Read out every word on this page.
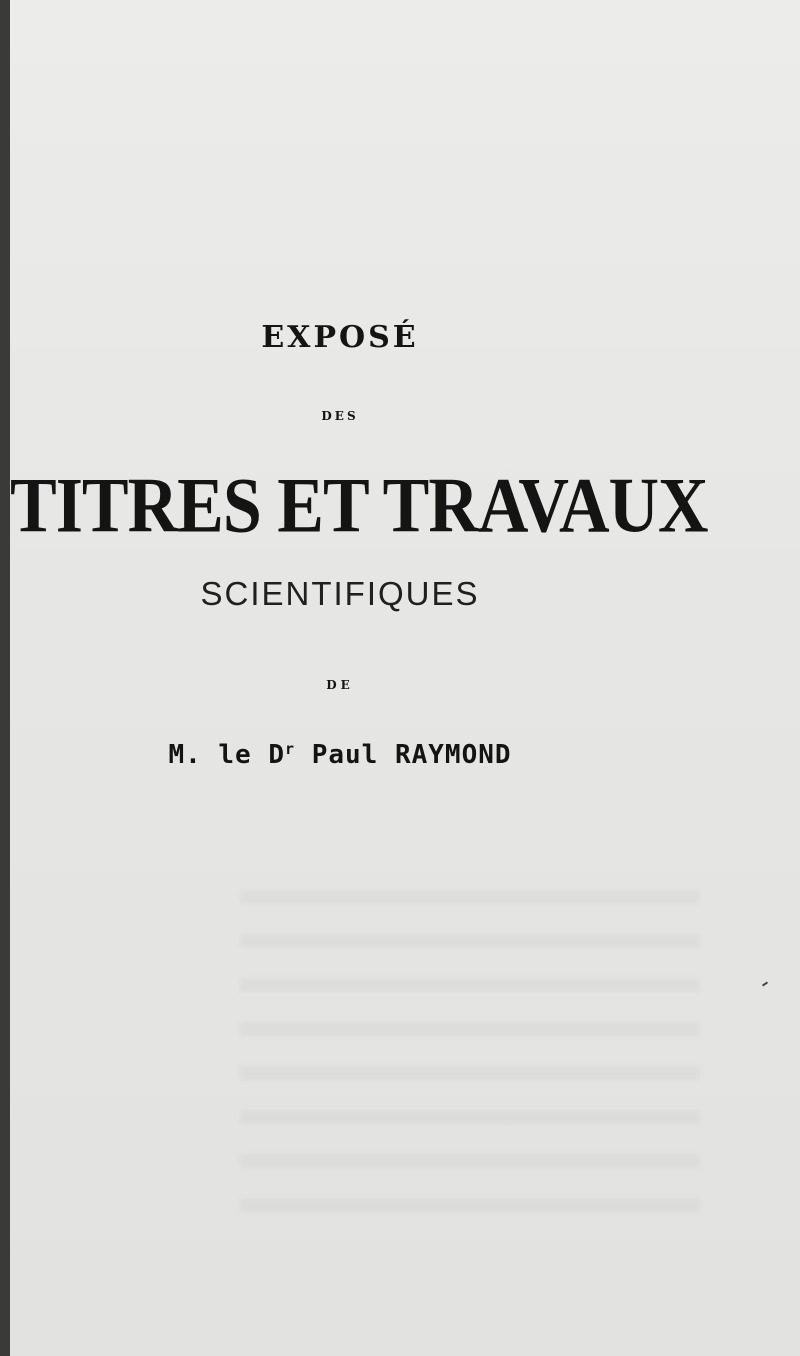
EXPOSÉ
DES
TITRES ET TRAVAUX
SCIENTIFIQUES
DE
M. le $D^r$ Paul RAYMOND
